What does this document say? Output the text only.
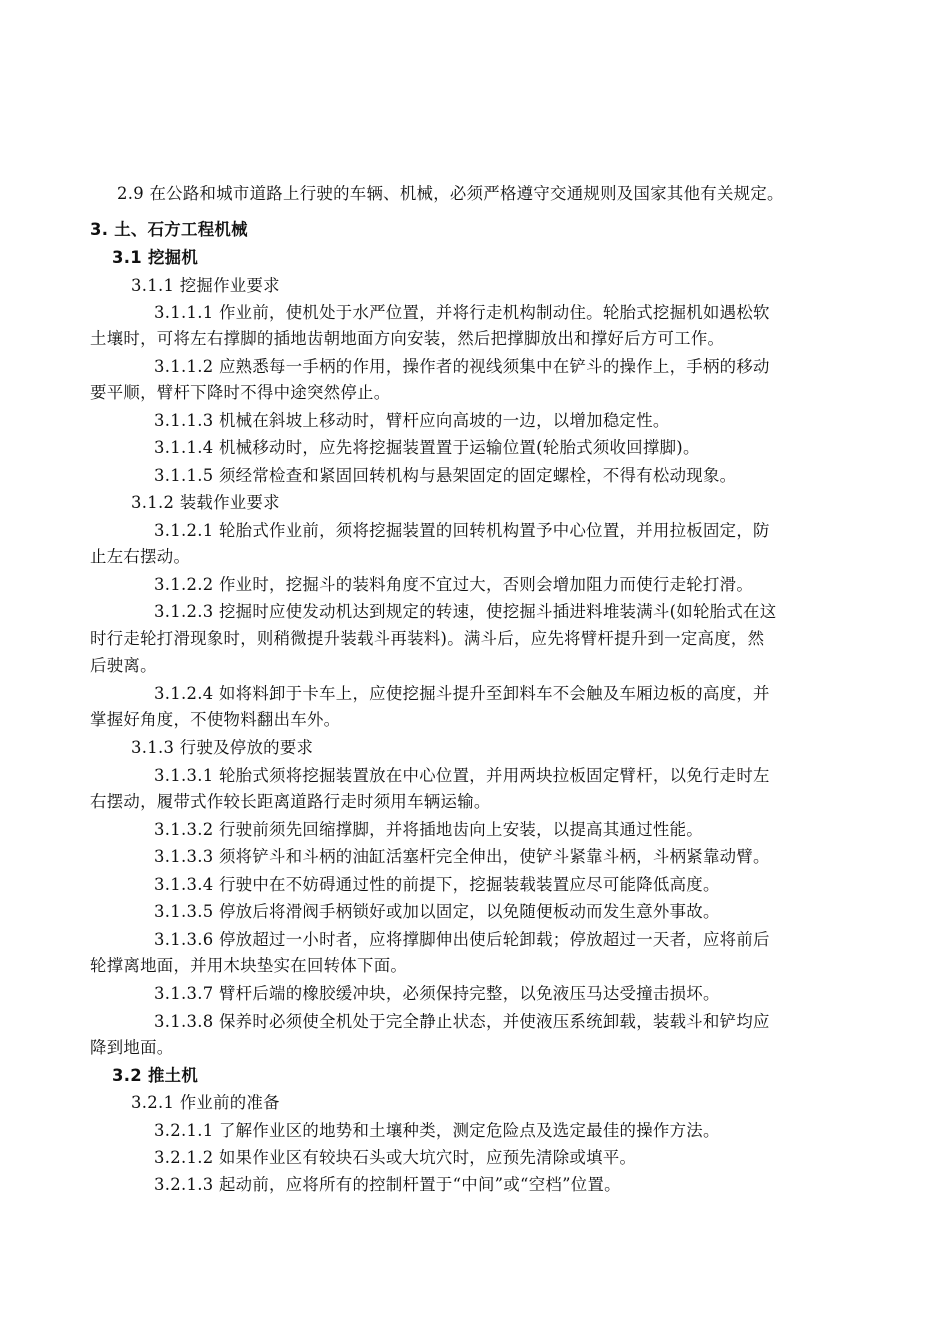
2.9 在公路和城市道路上行驶的车辆、机械，必须严格遵守交通规则及国家其他有关规定。
3. 土、石方工程机械
3.1 挖掘机
3.1.1 挖掘作业要求
3.1.1.1 作业前，使机处于水严位置，并将行走机构制动住。轮胎式挖掘机如遇松软
土壤时，可将左右撑脚的插地齿朝地面方向安装，然后把撑脚放出和撑好后方可工作。
3.1.1.2 应熟悉每一手柄的作用，操作者的视线须集中在铲斗的操作上，手柄的移动
要平顺，臂杆下降时不得中途突然停止。
3.1.1.3 机械在斜坡上移动时，臂杆应向高坡的一边，以增加稳定性。
3.1.1.4 机械移动时，应先将挖掘装置置于运输位置(轮胎式须收回撑脚)。
3.1.1.5 须经常检查和紧固回转机构与悬架固定的固定螺栓，不得有松动现象。
3.1.2 装载作业要求
3.1.2.1 轮胎式作业前，须将挖掘装置的回转机构置予中心位置，并用拉板固定，防
止左右摆动。
3.1.2.2 作业时，挖掘斗的装料角度不宜过大，否则会增加阻力而使行走轮打滑。
3.1.2.3 挖掘时应使发动机达到规定的转速，使挖掘斗插进料堆装满斗(如轮胎式在这
时行走轮打滑现象时，则稍微提升装载斗再装料)。满斗后，应先将臂杆提升到一定高度，然
后驶离。
3.1.2.4 如将料卸于卡车上，应使挖掘斗提升至卸料车不会触及车厢边板的高度，并
掌握好角度，不使物料翻出车外。
3.1.3 行驶及停放的要求
3.1.3.1 轮胎式须将挖掘装置放在中心位置，并用两块拉板固定臂杆，以免行走时左
右摆动，履带式作较长距离道路行走时须用车辆运输。
3.1.3.2 行驶前须先回缩撑脚，并将插地齿向上安装，以提高其通过性能。
3.1.3.3 须将铲斗和斗柄的油缸活塞杆完全伸出，使铲斗紧靠斗柄，斗柄紧靠动臂。
3.1.3.4 行驶中在不妨碍通过性的前提下，挖掘装载装置应尽可能降低高度。
3.1.3.5 停放后将滑阀手柄锁好或加以固定，以免随便板动而发生意外事故。
3.1.3.6 停放超过一小时者，应将撑脚伸出使后轮卸载；停放超过一天者，应将前后
轮撑离地面，并用木块垫实在回转体下面。
3.1.3.7 臂杆后端的橡胶缓冲块，必须保持完整，以免液压马达受撞击损坏。
3.1.3.8 保养时必须使全机处于完全静止状态，并使液压系统卸载，装载斗和铲均应
降到地面。
3.2 推土机
3.2.1 作业前的准备
3.2.1.1 了解作业区的地势和土壤种类，测定危险点及选定最佳的操作方法。
3.2.1.2 如果作业区有较块石头或大坑穴时，应预先清除或填平。
3.2.1.3 起动前，应将所有的控制杆置于“中间”或“空档”位置。
